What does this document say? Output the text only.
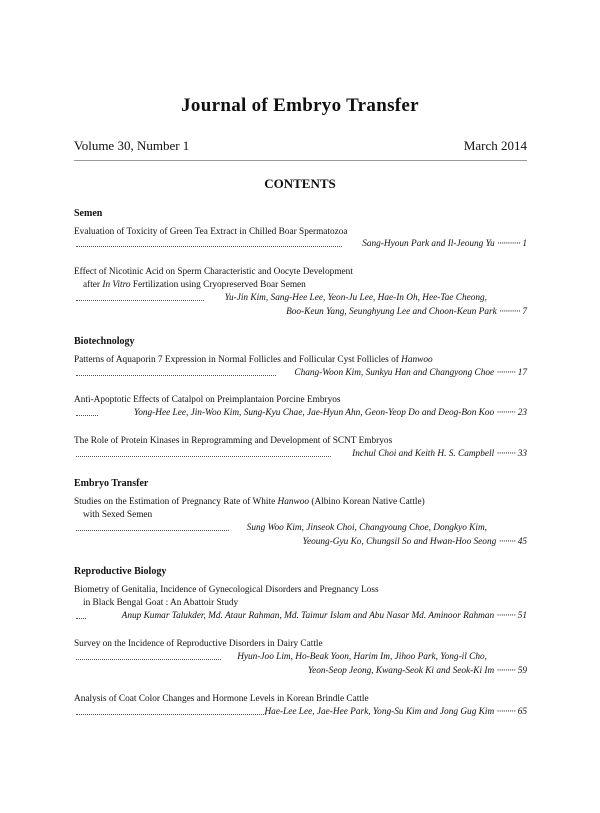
Journal of Embryo Transfer
Volume 30, Number 1	March 2014
CONTENTS
Semen
Evaluation of Toxicity of Green Tea Extract in Chilled Boar Spermatozoa
Sang-Hyoun Park and Il-Jeoung Yu ··········· 1
Effect of Nicotinic Acid on Sperm Characteristic and Oocyte Development
after In Vitro Fertilization using Cryopreserved Boar Semen
Yu-Jin Kim, Sang-Hee Lee, Yeon-Ju Lee, Hae-In Oh, Hee-Tae Cheong,
Boo-Keun Yang, Seunghyung Lee and Choon-Keun Park ·········· 7
Biotechnology
Patterns of Aquaporin 7 Expression in Normal Follicles and Follicular Cyst Follicles of Hanwoo
Chang-Woon Kim, Sunkyu Han and Changyong Choe ········· 17
Anti-Apoptotic Effects of Catalpol on Preimplantaion Porcine Embryos
Yong-Hee Lee, Jin-Woo Kim, Sung-Kyu Chae, Jae-Hyun Ahn, Geon-Yeop Do and Deog-Bon Koo ········· 23
The Role of Protein Kinases in Reprogramming and Development of SCNT Embryos
Inchul Choi and Keith H. S. Campbell ········· 33
Embryo Transfer
Studies on the Estimation of Pregnancy Rate of White Hanwoo (Albino Korean Native Cattle)
with Sexed Semen
Sung Woo Kim, Jinseok Choi, Changyoung Choe, Dongkyo Kim,
Yeoung-Gyu Ko, Chungsil So and Hwan-Hoo Seong ········ 45
Reproductive Biology
Biometry of Genitalia, Incidence of Gynecological Disorders and Pregnancy Loss
in Black Bengal Goat : An Abattoir Study
Anup Kumar Talukder, Md. Ataur Rahman, Md. Taimur Islam and Abu Nasar Md. Aminoor Rahman ········· 51
Survey on the Incidence of Reproductive Disorders in Dairy Cattle
Hyun-Joo Lim, Ho-Beak Yoon, Harim Im, Jihoo Park, Yong-il Cho,
Yeon-Seop Jeong, Kwang-Seok Ki and Seok-Ki Im ········· 59
Analysis of Coat Color Changes and Hormone Levels in Korean Brindle Cattle
Hae-Lee Lee, Jae-Hee Park, Yong-Su Kim and Jong Gug Kim ········· 65
